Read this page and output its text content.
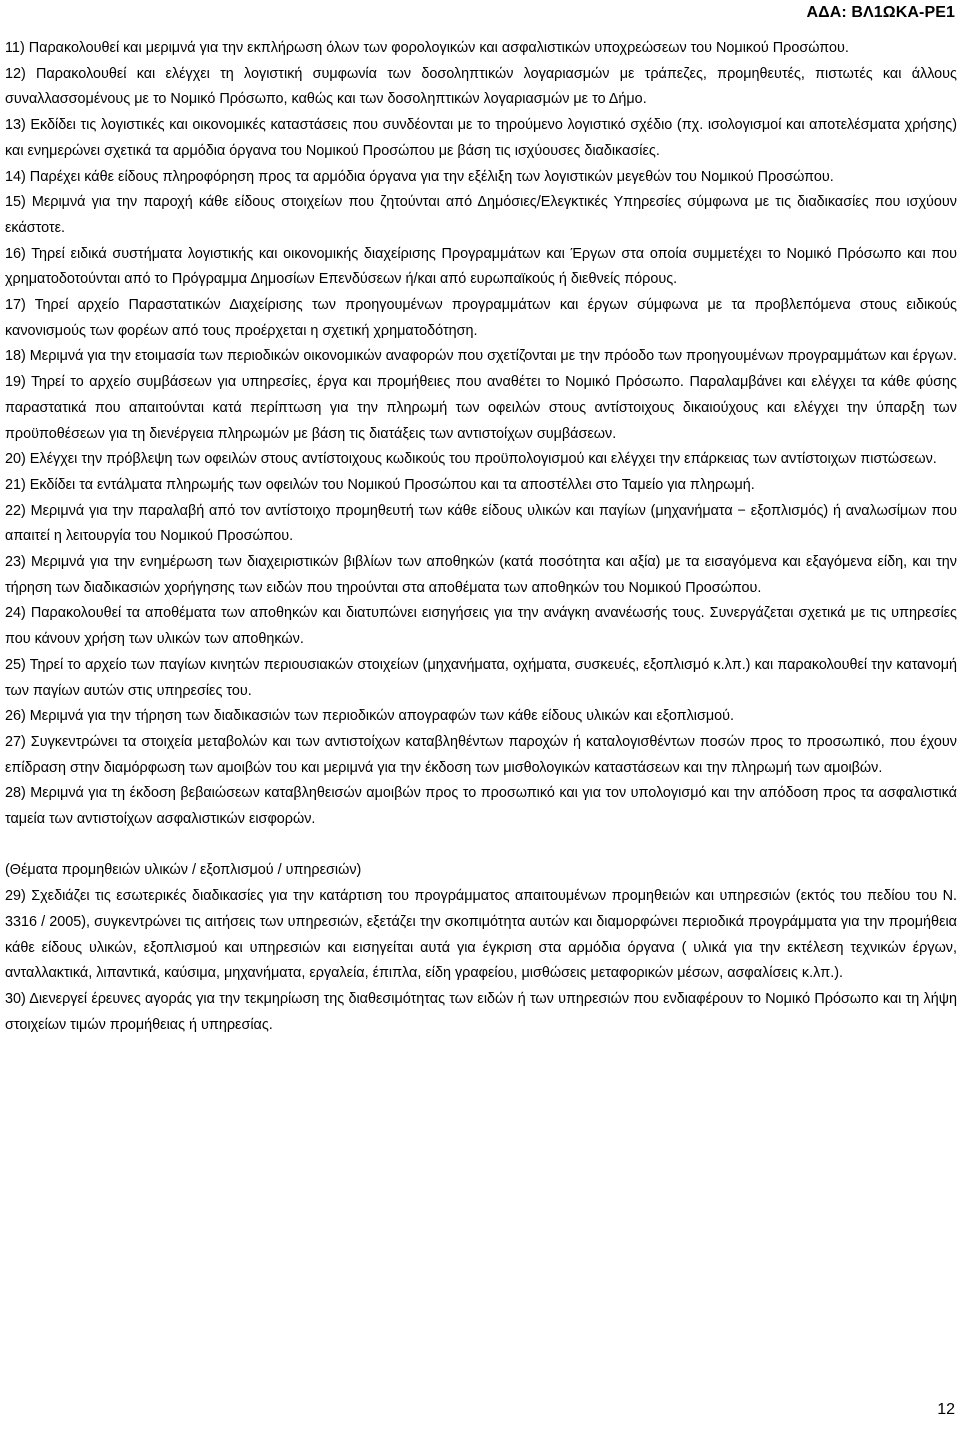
ΑΔΑ: ΒΛ1ΩΚΑ-ΡΕ1

11) Παρακολουθεί και μεριμνά για την εκπλήρωση όλων των φορολογικών και ασφαλιστικών υποχρεώσεων του Νομικού Προσώπου.

12) Παρακολουθεί και ελέγχει τη λογιστική συμφωνία των δοσοληπτικών λογαριασμών με τράπεζες, προμηθευτές, πιστωτές και άλλους συναλλασσομένους με το Νομικό Πρόσωπο, καθώς και των δοσοληπτικών λογαριασμών με το Δήμο.

13) Εκδίδει τις λογιστικές και οικονομικές καταστάσεις που συνδέονται με το τηρούμενο λογιστικό σχέδιο (πχ. ισολογισμοί και αποτελέσματα χρήσης) και ενημερώνει σχετικά τα αρμόδια όργανα του Νομικού Προσώπου με βάση τις ισχύουσες διαδικασίες.

14) Παρέχει κάθε είδους πληροφόρηση προς τα αρμόδια όργανα για την εξέλιξη των λογιστικών μεγεθών του Νομικού Προσώπου.

15) Μεριμνά για την παροχή κάθε είδους στοιχείων που ζητούνται από Δημόσιες/Ελεγκτικές Υπηρεσίες σύμφωνα με τις διαδικασίες που ισχύουν εκάστοτε.

16) Τηρεί ειδικά συστήματα λογιστικής και οικονομικής διαχείρισης Προγραμμάτων και Έργων στα οποία συμμετέχει το Νομικό Πρόσωπο και που χρηματοδοτούνται από το Πρόγραμμα Δημοσίων Επενδύσεων ή/και από ευρωπαϊκούς ή διεθνείς πόρους.

17) Τηρεί αρχείο Παραστατικών Διαχείρισης των προηγουμένων προγραμμάτων και έργων σύμφωνα με τα προβλεπόμενα στους ειδικούς κανονισμούς των φορέων από τους προέρχεται η σχετική χρηματοδότηση.

18) Μεριμνά για την ετοιμασία των περιοδικών οικονομικών αναφορών που σχετίζονται με την πρόοδο των προηγουμένων προγραμμάτων και έργων.

19) Τηρεί το αρχείο συμβάσεων για υπηρεσίες, έργα και προμήθειες που αναθέτει το Νομικό Πρόσωπο. Παραλαμβάνει και ελέγχει τα κάθε φύσης παραστατικά που απαιτούνται κατά περίπτωση για την πληρωμή των οφειλών στους αντίστοιχους δικαιούχους και ελέγχει την ύπαρξη των προϋποθέσεων για τη διενέργεια πληρωμών με βάση τις διατάξεις των αντιστοίχων συμβάσεων.

20) Ελέγχει την πρόβλεψη των οφειλών στους αντίστοιχους κωδικούς του προϋπολογισμού και ελέγχει την επάρκειας των αντίστοιχων πιστώσεων.

21) Εκδίδει τα εντάλματα πληρωμής των οφειλών του Νομικού Προσώπου και τα αποστέλλει στο Ταμείο για πληρωμή.

22) Μεριμνά για την παραλαβή από τον αντίστοιχο προμηθευτή των κάθε είδους υλικών και παγίων (μηχανήματα − εξοπλισμός) ή αναλωσίμων που απαιτεί η λειτουργία του Νομικού Προσώπου.

23) Μεριμνά για την ενημέρωση των διαχειριστικών βιβλίων των αποθηκών (κατά ποσότητα και αξία) με τα εισαγόμενα και εξαγόμενα είδη, και την τήρηση των διαδικασιών χορήγησης των ειδών που τηρούνται στα αποθέματα των αποθηκών του Νομικού Προσώπου.

24) Παρακολουθεί τα αποθέματα των αποθηκών και διατυπώνει εισηγήσεις για την ανάγκη ανανέωσής τους. Συνεργάζεται σχετικά με τις υπηρεσίες που κάνουν χρήση των υλικών των αποθηκών.

25) Τηρεί το αρχείο των παγίων κινητών περιουσιακών στοιχείων (μηχανήματα, οχήματα, συσκευές, εξοπλισμό κ.λπ.) και παρακολουθεί την κατανομή των παγίων αυτών στις υπηρεσίες του.

26) Μεριμνά για την τήρηση των διαδικασιών των περιοδικών απογραφών των κάθε είδους υλικών και εξοπλισμού.

27) Συγκεντρώνει τα στοιχεία μεταβολών και των αντιστοίχων καταβληθέντων παροχών ή καταλογισθέντων ποσών προς το προσωπικό, που έχουν επίδραση στην διαμόρφωση των αμοιβών του και μεριμνά για την έκδοση των μισθολογικών καταστάσεων και την πληρωμή των αμοιβών.

28) Μεριμνά για τη έκδοση βεβαιώσεων καταβληθεισών αμοιβών προς το προσωπικό και για τον υπολογισμό και την απόδοση προς τα ασφαλιστικά ταμεία των αντιστοίχων ασφαλιστικών εισφορών.

(Θέματα προμηθειών υλικών / εξοπλισμού / υπηρεσιών)

29) Σχεδιάζει τις εσωτερικές διαδικασίες για την κατάρτιση του προγράμματος απαιτουμένων προμηθειών και υπηρεσιών (εκτός του πεδίου του Ν. 3316 / 2005), συγκεντρώνει τις αιτήσεις των υπηρεσιών, εξετάζει την σκοπιμότητα αυτών και διαμορφώνει περιοδικά προγράμματα για την προμήθεια κάθε είδους υλικών, εξοπλισμού και υπηρεσιών και εισηγείται αυτά για έγκριση στα αρμόδια όργανα ( υλικά για την εκτέλεση τεχνικών έργων, ανταλλακτικά, λιπαντικά, καύσιμα, μηχανήματα, εργαλεία, έπιπλα, είδη γραφείου, μισθώσεις μεταφορικών μέσων, ασφαλίσεις κ.λπ.).

30) Διενεργεί έρευνες αγοράς για την τεκμηρίωση της διαθεσιμότητας των ειδών ή των υπηρεσιών που ενδιαφέρουν το Νομικό Πρόσωπο και τη λήψη στοιχείων τιμών προμήθειας ή υπηρεσίας.

12
